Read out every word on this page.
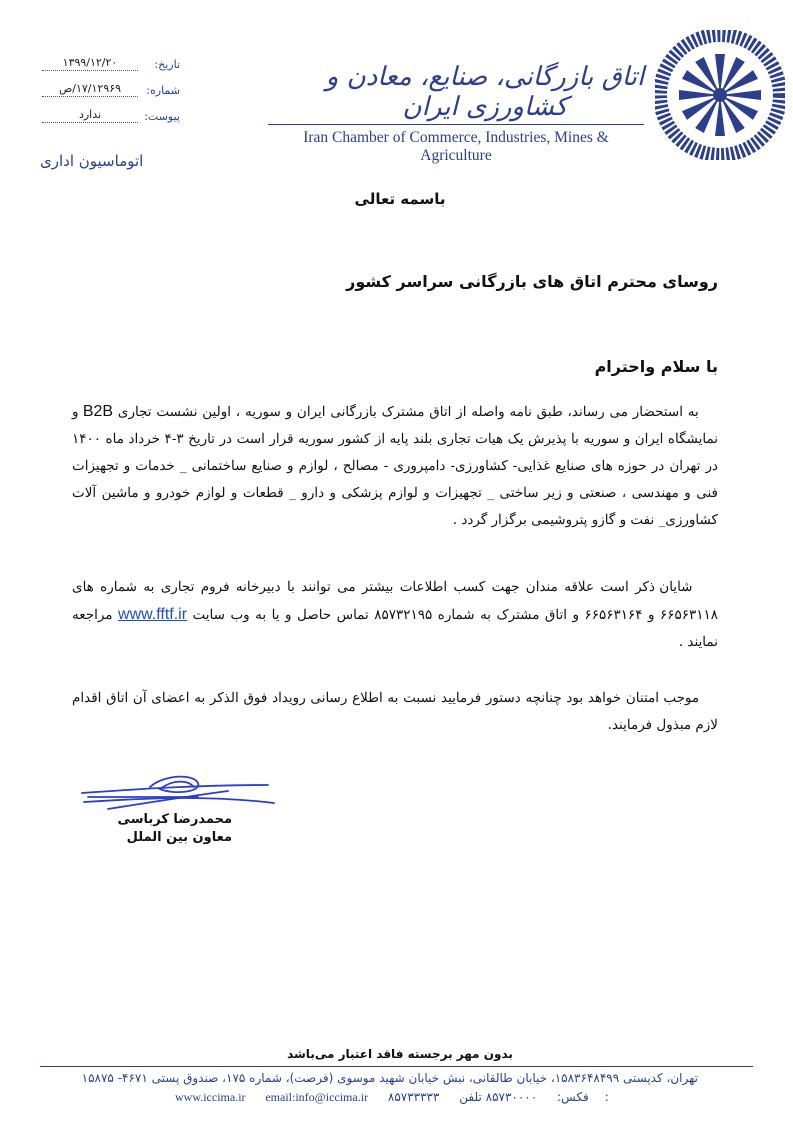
تاریخ:
۱۳۹۹/۱۲/۲۰
شماره:
۱۷/۱۲۹۶۹/ص
پیوست:
ندارد
اتوماسیون اداری
اتاق بازرگانی، صنایع، معادن و کشاورزی ایران
Iran Chamber of Commerce, Industries, Mines & Agriculture
باسمه تعالی
روسای محترم اتاق های بازرگانی سراسر کشور
با سلام واحترام
به استحضار می رساند، طبق نامه واصله از اتاق مشترک بازرگانی ایران و سوریه ، اولین نشست تجاری B2B و نمایشگاه ایران و سوریه با پذیرش یک هیات تجاری بلند پایه از کشور سوریه قرار است در تاریخ ۳-۴ خرداد ماه ۱۴۰۰ در تهران در حوزه های صنایع غذایی- کشاورزی- دامپروری - مصالح ، لوازم و صنایع ساختمانی _ خدمات و تجهیزات فنی و مهندسی ، صنعتی و زیر ساختی _ تجهیزات و لوازم پزشکی و دارو _ قطعات و لوازم خودرو و ماشین آلات کشاورزی_ نفت و گازو پتروشیمی برگزار گردد .
شایان ذکر است علاقه مندان جهت کسب اطلاعات بیشتر می توانند با دبیرخانه فروم تجاری به شماره های ۶۶۵۶۳۱۱۸ و ۶۶۵۶۳۱۶۴ و اتاق مشترک به شماره ۸۵۷۳۲۱۹۵ تماس حاصل و یا به وب سایت www.fftf.ir مراجعه نمایند .
موجب امتنان خواهد بود چنانچه دستور فرمایید نسبت به اطلاع رسانی رویداد فوق الذکر به اعضای آن اتاق اقدام لازم مبذول فرمایند.
محمدرضا کرباسی
معاون بین الملل
بدون مهر برجسته فاقد اعتبار می‌باشد
تهران، کدپستی ۱۵۸۳۶۴۸۴۹۹، خیابان طالقانی، نبش خیابان شهید موسوی (فرصت)، شماره ۱۷۵، صندوق پستی ۴۶۷۱- ۱۵۸۷۵
www.iccima.ir email:info@iccima.ir ۸۵۷۳۳۳۳۳	فکس: ۸۵۷۳۰۰۰۰ تلفن:
